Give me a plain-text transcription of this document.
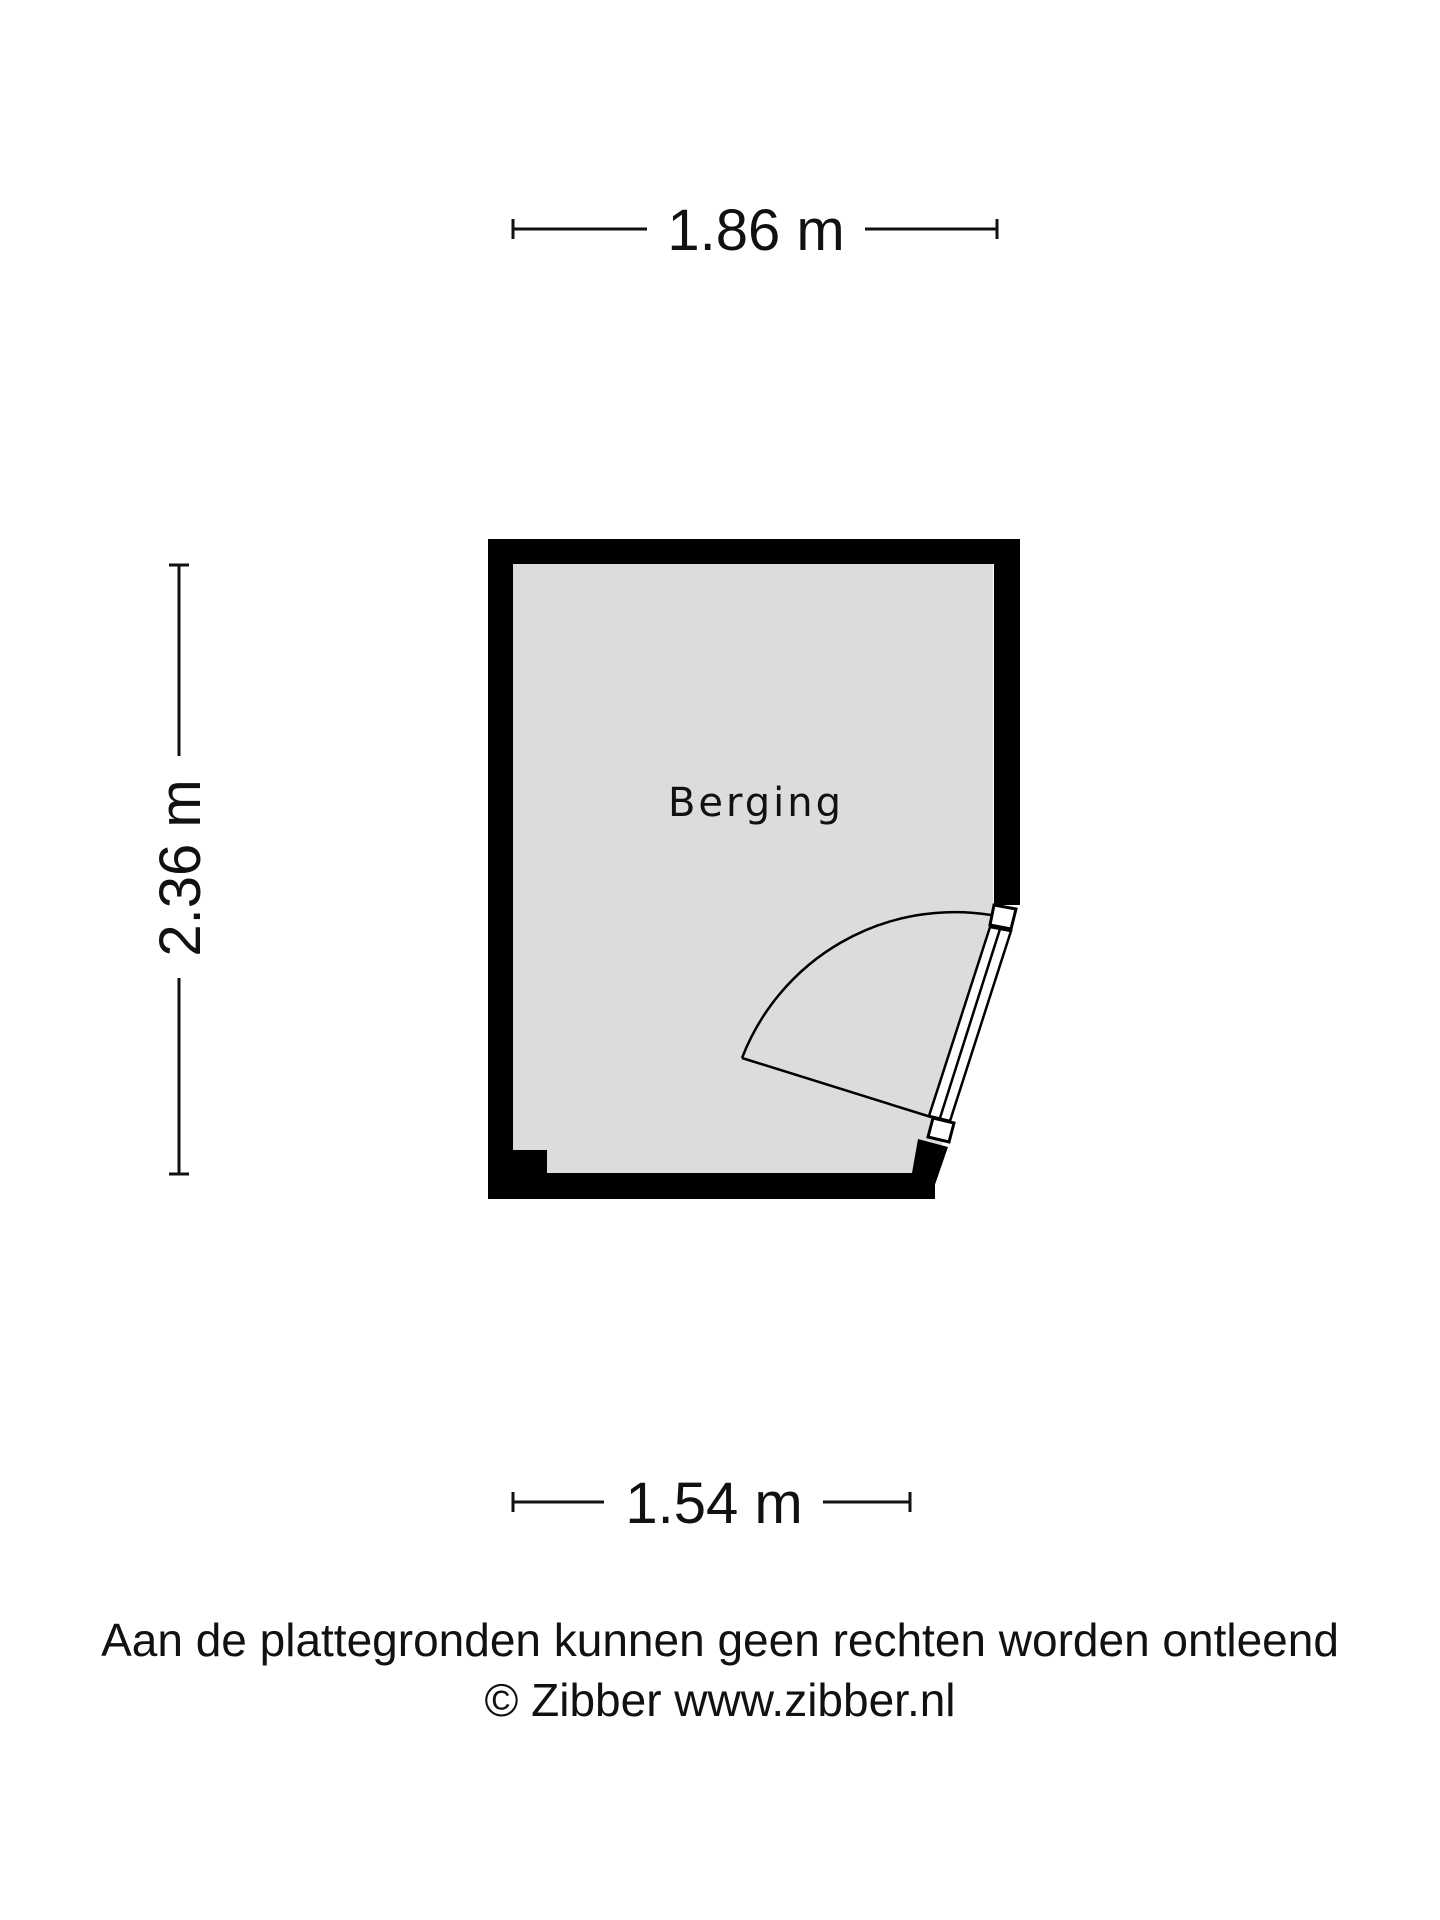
1.86 m
2.36 m	Berging
1.54 m
Aan de plattegronden kunnen geen rechten worden ontleend
© Zibber www.zibber.nl
